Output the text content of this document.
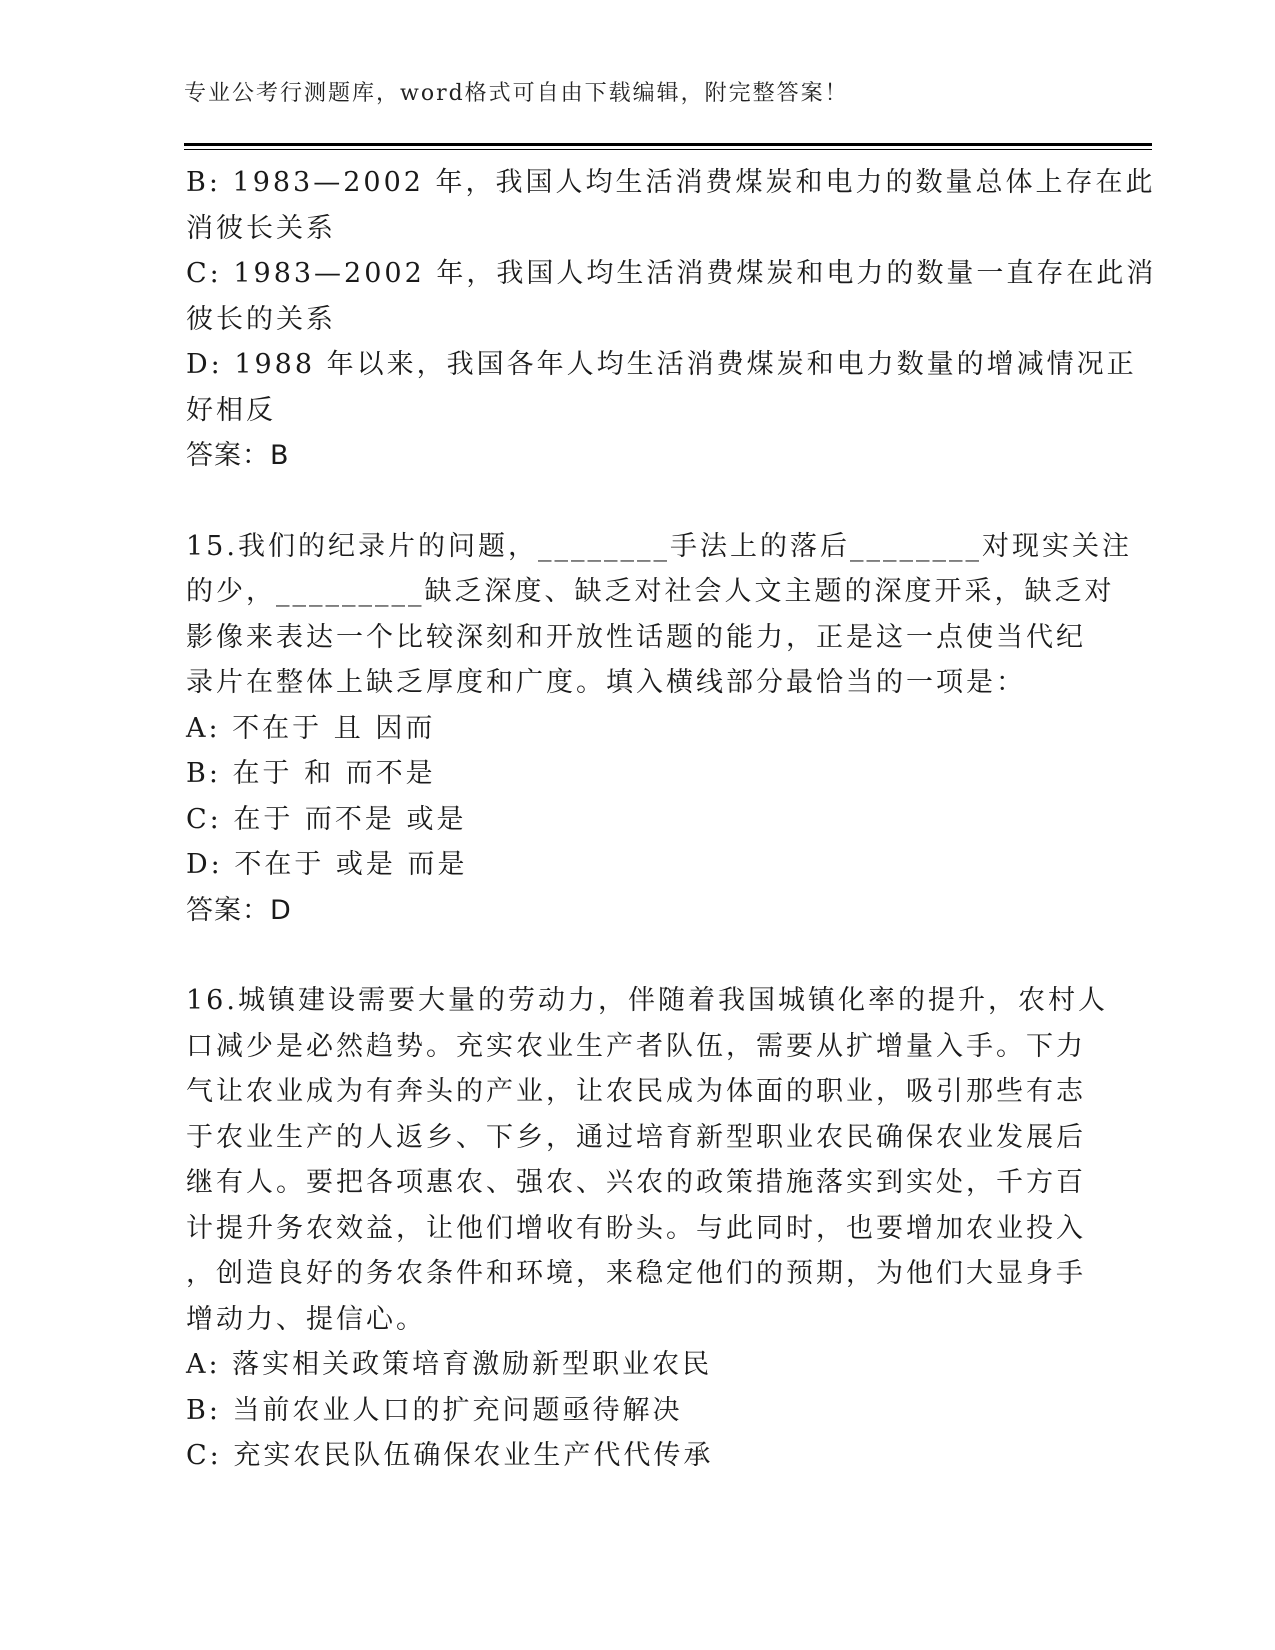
专业公考行测题库，word格式可自由下载编辑，附完整答案！
B: 1983—2002 年，我国人均生活消费煤炭和电力的数量总体上存在此
消彼长关系
C: 1983—2002 年，我国人均生活消费煤炭和电力的数量一直存在此消
彼长的关系
D: 1988 年以来，我国各年人均生活消费煤炭和电力数量的增减情况正
好相反
答案：B
15.我们的纪录片的问题，________手法上的落后________对现实关注
的少，_________缺乏深度、缺乏对社会人文主题的深度开采，缺乏对
影像来表达一个比较深刻和开放性话题的能力，正是这一点使当代纪
录片在整体上缺乏厚度和广度。填入横线部分最恰当的一项是：
A: 不在于 且 因而
B: 在于 和 而不是
C: 在于 而不是 或是
D: 不在于 或是 而是
答案：D
16.城镇建设需要大量的劳动力，伴随着我国城镇化率的提升，农村人
口减少是必然趋势。充实农业生产者队伍，需要从扩增量入手。下力
气让农业成为有奔头的产业，让农民成为体面的职业，吸引那些有志
于农业生产的人返乡、下乡，通过培育新型职业农民确保农业发展后
继有人。要把各项惠农、强农、兴农的政策措施落实到实处，千方百
计提升务农效益，让他们增收有盼头。与此同时，也要增加农业投入
，创造良好的务农条件和环境，来稳定他们的预期，为他们大显身手
增动力、提信心。
A: 落实相关政策培育激励新型职业农民
B: 当前农业人口的扩充问题亟待解决
C: 充实农民队伍确保农业生产代代传承
